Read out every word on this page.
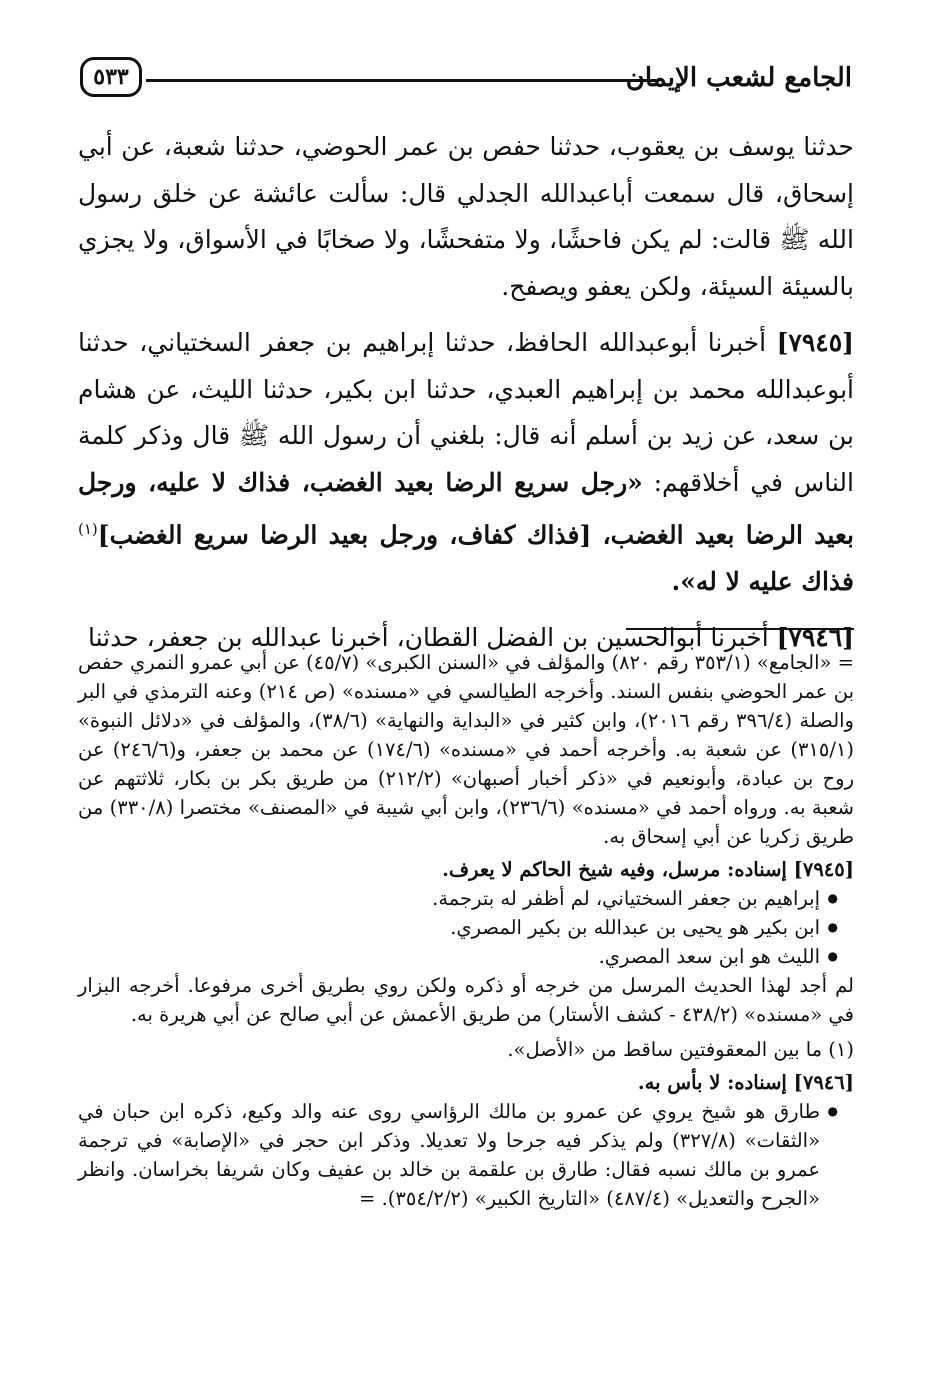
الجامع لشعب الإيمان
٥٣٣

حدثنا يوسف بن يعقوب، حدثنا حفص بن عمر الحوضي، حدثنا شعبة، عن أبي إسحاق، قال سمعت أباعبدالله الجدلي قال: سألت عائشة عن خلق رسول الله ﷺ قالت: لم يكن فاحشًا، ولا متفحشًا، ولا صخابًا في الأسواق، ولا يجزي بالسيئة السيئة، ولكن يعفو ويصفح.

[٧٩٤٥] أخبرنا أبوعبدالله الحافظ، حدثنا إبراهيم بن جعفر السختياني، حدثنا أبوعبدالله محمد بن إبراهيم العبدي، حدثنا ابن بكير، حدثنا الليث، عن هشام بن سعد، عن زيد بن أسلم أنه قال: بلغني أن رسول الله ﷺ قال وذكر كلمة الناس في أخلاقهم: «رجل سريع الرضا بعيد الغضب، فذاك لا عليه، ورجل بعيد الرضا بعيد الغضب، [فذاك كفاف، ورجل بعيد الرضا سريع الغضب]$^{(١)}$ فذاك عليه لا له».

[٧٩٤٦] أخبرنا أبوالحسين بن الفضل القطان، أخبرنا عبدالله بن جعفر، حدثنا

= «الجامع» (٣٥٣/١ رقم ٨٢٠) والمؤلف في «السنن الكبرى» (٤٥/٧) عن أبي عمرو النمري حفص بن عمر الحوضي بنفس السند. وأخرجه الطيالسي في «مسنده» (ص ٢١٤) وعنه الترمذي في البر والصلة (٣٩٦/٤ رقم ٢٠١٦)، وابن كثير في «البداية والنهاية» (٣٨/٦)، والمؤلف في «دلائل النبوة» (٣١٥/١) عن شعبة به. وأخرجه أحمد في «مسنده» (١٧٤/٦) عن محمد بن جعفر، و(٢٤٦/٦) عن روح بن عبادة، وأبونعيم في «ذكر أخبار أصبهان» (٢١٢/٢) من طريق بكر بن بكار، ثلاثتهم عن شعبة به. ورواه أحمد في «مسنده» (٢٣٦/٦)، وابن أبي شيبة في «المصنف» مختصرا (٣٣٠/٨) من طريق زكريا عن أبي إسحاق به.

[٧٩٤٥] إسناده: مرسل، وفيه شيخ الحاكم لا يعرف.

● إبراهيم بن جعفر السختياني، لم أظفر له بترجمة.
● ابن بكير هو يحيى بن عبدالله بن بكير المصري.
● الليث هو ابن سعد المصري.

لم أجد لهذا الحديث المرسل من خرجه أو ذكره ولكن روي بطريق أخرى مرفوعا. أخرجه البزار في «مسنده» (٤٣٨/٢ - كشف الأستار) من طريق الأعمش عن أبي صالح عن أبي هريرة به.

(١) ما بين المعقوفتين ساقط من «الأصل».

[٧٩٤٦] إسناده: لا بأس به.

● طارق هو شيخ يروي عن عمرو بن مالك الرؤاسي روى عنه والد وكيع، ذكره ابن حبان في «الثقات» (٣٢٧/٨) ولم يذكر فيه جرحا ولا تعديلا. وذكر ابن حجر في «الإصابة» في ترجمة عمرو بن مالك نسبه فقال: طارق بن علقمة بن خالد بن عفيف وكان شريفا بخراسان. وانظر «الجرح والتعديل» (٤٨٧/٤) «التاريخ الكبير» (٣٥٤/٢/٢). =
